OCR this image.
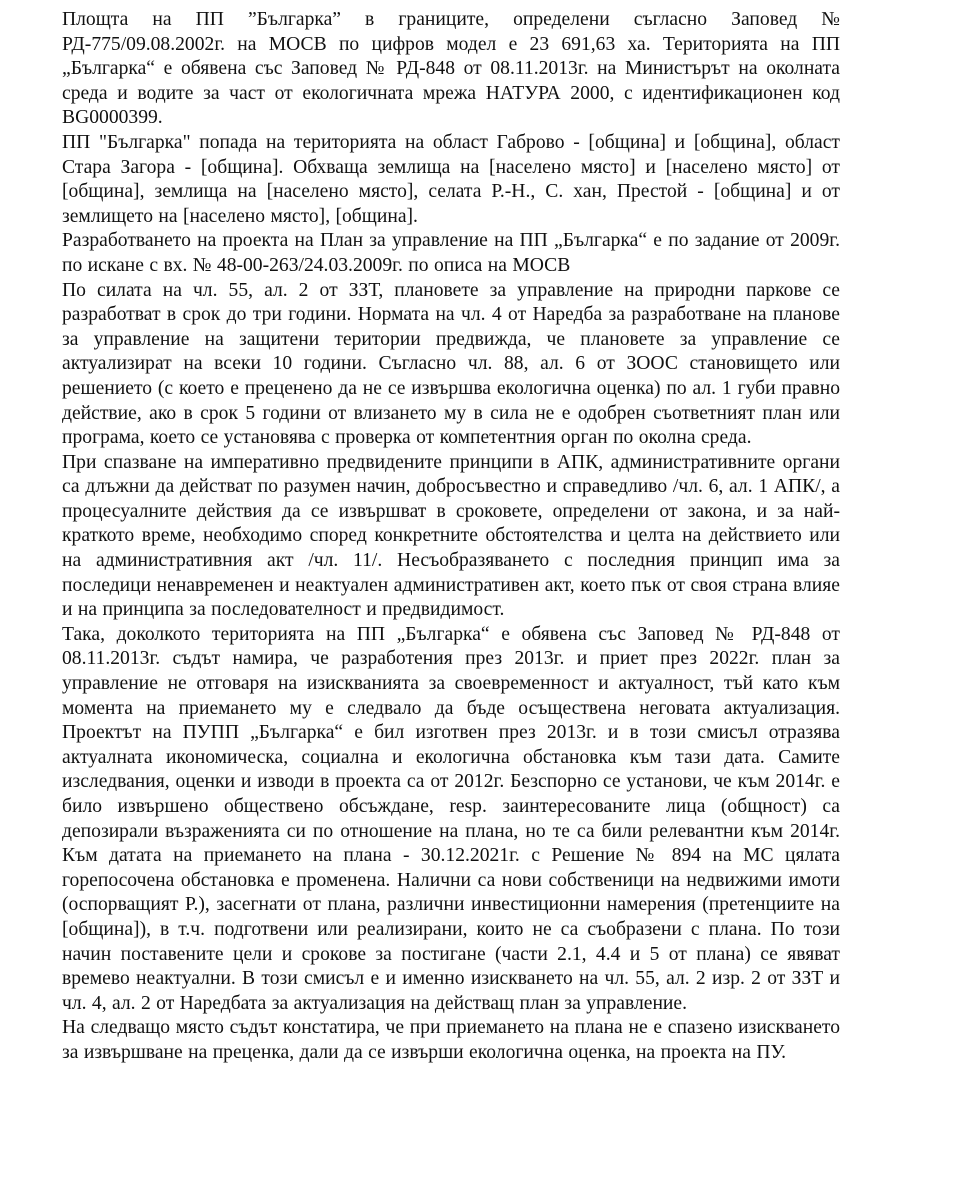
Площта на ПП ”Българка” в границите, определени съгласно Заповед № РД-775/09.08.2002г. на МОСВ по цифров модел е 23 691,63 ха. Територията на ПП „Българка“ е обявена със Заповед № РД-848 от 08.11.2013г. на Министърът на околната среда и водите за част от екологичната мрежа НАТУРА 2000, с идентификационен код BG0000399.

ПП "Българка" попада на територията на област Габрово - [община] и [община], област Стара Загора - [община]. Обхваща землища на [населено място] и [населено място] от [община], землища на [населено място], селата Р.-Н., С. хан, Престой - [община] и от землището на [населено място], [община].

Разработването на проекта на План за управление на ПП „Българка“ е по задание от 2009г. по искане с вх. № 48-00-263/24.03.2009г. по описа на МОСВ

По силата на чл. 55, ал. 2 от ЗЗТ, плановете за управление на природни паркове се разработват в срок до три години. Нормата на чл. 4 от Наредба за разработване на планове за управление на защитени територии предвижда, че плановете за управление се актуализират на всеки 10 години. Съгласно чл. 88, ал. 6 от ЗООС становището или решението (с което е преценено да не се извършва екологична оценка) по ал. 1 губи правно действие, ако в срок 5 години от влизането му в сила не е одобрен съответният план или програма, което се установява с проверка от компетентния орган по околна среда.

При спазване на императивно предвидените принципи в АПК, административните органи са длъжни да действат по разумен начин, добросъвестно и справедливо /чл. 6, ал. 1 АПК/, а процесуалните действия да се извършват в сроковете, определени от закона, и за най-краткото време, необходимо според конкретните обстоятелства и целта на действието или на административния акт /чл. 11/. Несъобразяването с последния принцип има за последици ненавременен и неактуален административен акт, което пък от своя страна влияе и на принципа за последователност и предвидимост.

Така, доколкото територията на ПП „Българка“ е обявена със Заповед № РД-848 от 08.11.2013г. съдът намира, че разработения през 2013г. и приет през 2022г. план за управление не отговаря на изискванията за своевременност и актуалност, тъй като към момента на приемането му е следвало да бъде осъществена неговата актуализация. Проектът на ПУПП „Българка“ е бил изготвен през 2013г. и в този смисъл отразява актуалната икономическа, социална и екологична обстановка към тази дата. Самите изследвания, оценки и изводи в проекта са от 2012г. Безспорно се установи, че към 2014г. е било извършено обществено обсъждане, resp. заинтересованите лица (общност) са депозирали възраженията си по отношение на плана, но те са били релевантни към 2014г. Към датата на приемането на плана - 30.12.2021г. с Решение № 894 на МС цялата горепосочена обстановка е променена. Налични са нови собственици на недвижими имоти (оспорващият Р.), засегнати от плана, различни инвестиционни намерения (претенциите на [община]), в т.ч. подготвени или реализирани, които не са съобразени с плана. По този начин поставените цели и срокове за постигане (части 2.1, 4.4 и 5 от плана) се явяват времево неактуални. В този смисъл е и именно изискването на чл. 55, ал. 2 изр. 2 от ЗЗТ и чл. 4, ал. 2 от Наредбата за актуализация на действащ план за управление.

На следващо място съдът констатира, че при приемането на плана не е спазено изискването за извършване на преценка, дали да се извърши екологична оценка, на проекта на ПУ.
